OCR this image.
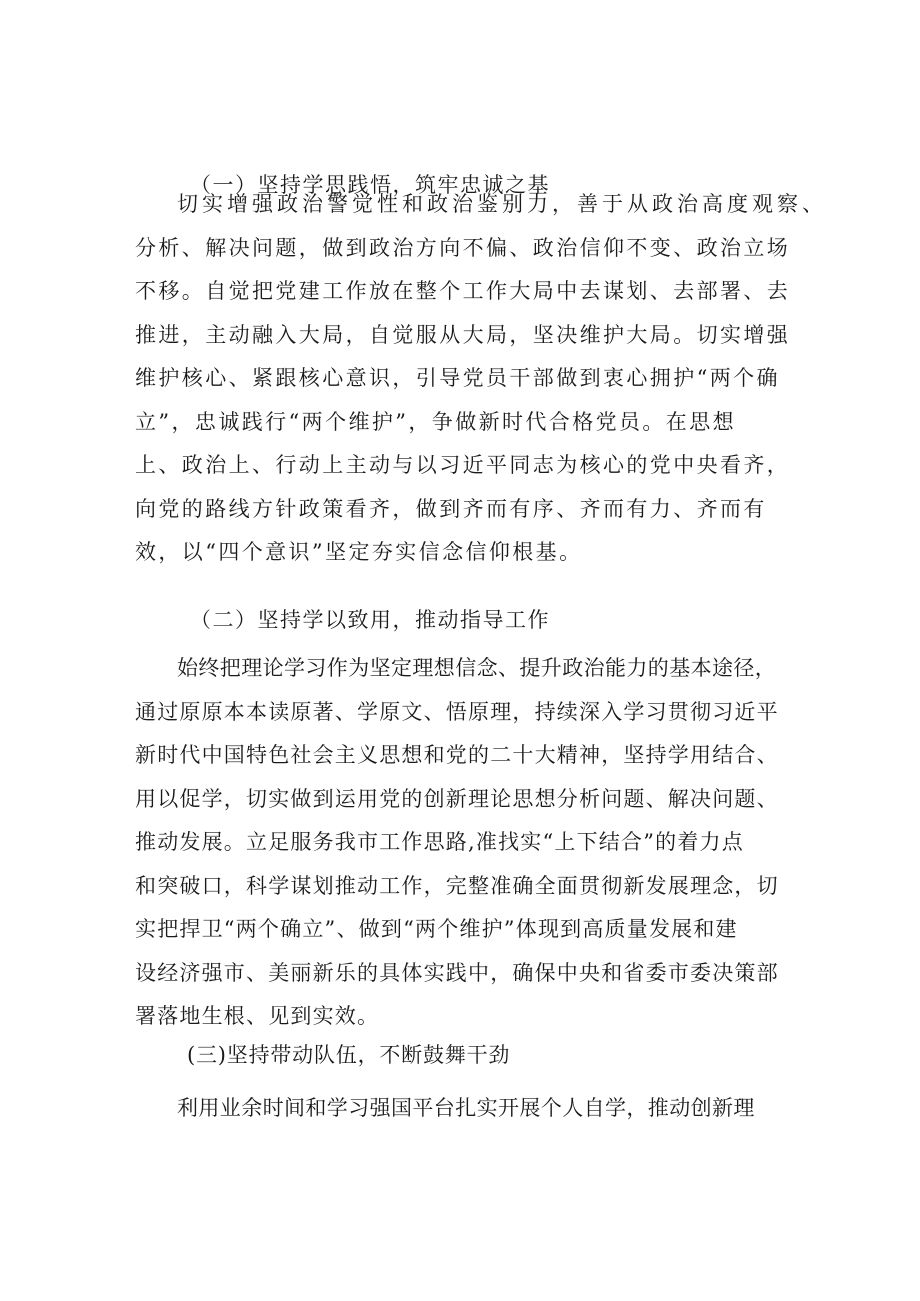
（一）坚持学思践悟，筑牢忠诚之基
切实增强政治警觉性和政治鉴别力，善于从政治高度观察、
分析、解决问题，做到政治方向不偏、政治信仰不变、政治立场
不移。自觉把党建工作放在整个工作大局中去谋划、去部署、去
推进，主动融入大局，自觉服从大局，坚决维护大局。切实增强
维护核心、紧跟核心意识，引导党员干部做到衷心拥护“两个确
立”，忠诚践行“两个维护”，争做新时代合格党员。在思想
上、政治上、行动上主动与以习近平同志为核心的党中央看齐，
向党的路线方针政策看齐，做到齐而有序、齐而有力、齐而有
效，以“四个意识”坚定夯实信念信仰根基。
（二）坚持学以致用，推动指导工作
始终把理论学习作为坚定理想信念、提升政治能力的基本途径，
通过原原本本读原著、学原文、悟原理，持续深入学习贯彻习近平
新时代中国特色社会主义思想和党的二十大精神，坚持学用结合、
用以促学，切实做到运用党的创新理论思想分析问题、解决问题、
推动发展。立足服务我市工作思路,准找实“上下结合”的着力点
和突破口，科学谋划推动工作，完整准确全面贯彻新发展理念，切
实把捍卫“两个确立”、做到“两个维护”体现到高质量发展和建
设经济强市、美丽新乐的具体实践中，确保中央和省委市委决策部
署落地生根、见到实效。
(三)坚持带动队伍，不断鼓舞干劲
利用业余时间和学习强国平台扎实开展个人自学，推动创新理
